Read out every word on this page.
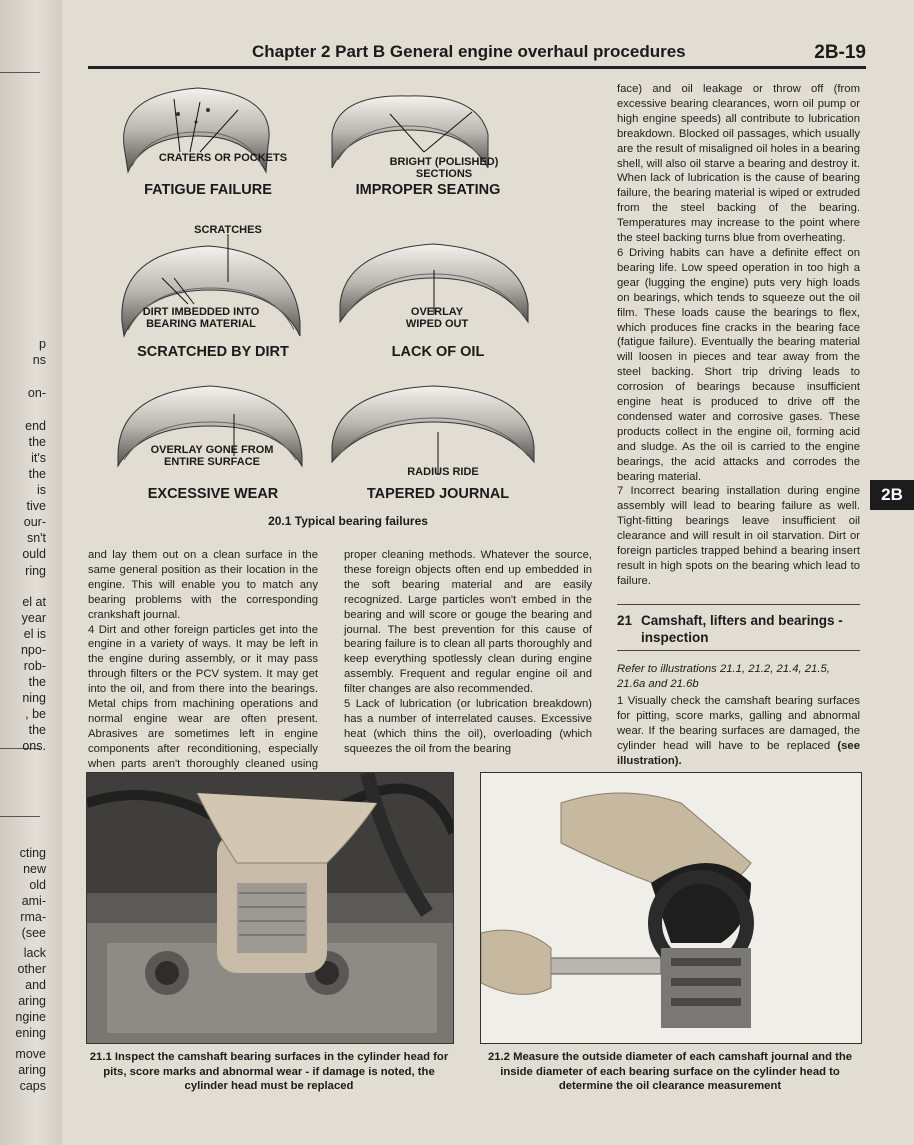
p
ns
on-
end
the
it's
the
is
tive
our-
sn't
ould
ring
el at
year
el is
npo-
rob-
the
ning
, be
the
ons.
cting
new
old
ami-
rma-
(see
lack
other
and
aring
ngine
ening
move
aring
caps
Chapter 2 Part B General engine overhaul procedures	2B-19
CRATERS OR POCKETS	BRIGHT (POLISHED) SECTIONS
FATIGUE FAILURE	IMPROPER SEATING
SCRATCHES
DIRT IMBEDDED INTO BEARING MATERIAL
OVERLAY WIPED OUT
SCRATCHED BY DIRT	LACK OF OIL
OVERLAY GONE FROM ENTIRE SURFACE
RADIUS RIDE
EXCESSIVE WEAR	TAPERED JOURNAL
20.1 Typical bearing failures

and lay them out on a clean surface in the same general position as their location in the engine. This will enable you to match any bearing problems with the corresponding crankshaft journal.

4 Dirt and other foreign particles get into the engine in a variety of ways. It may be left in the engine during assembly, or it may pass through filters or the PCV system. It may get into the oil, and from there into the bearings. Metal chips from machining operations and normal engine wear are often present. Abrasives are sometimes left in engine components after reconditioning, especially when parts aren't thoroughly cleaned using

proper cleaning methods. Whatever the source, these foreign objects often end up embedded in the soft bearing material and are easily recognized. Large particles won't embed in the bearing and will score or gouge the bearing and journal. The best prevention for this cause of bearing failure is to clean all parts thoroughly and keep everything spotlessly clean during engine assembly. Frequent and regular engine oil and filter changes are also recommended.

5 Lack of lubrication (or lubrication breakdown) has a number of interrelated causes. Excessive heat (which thins the oil), overloading (which squeezes the oil from the bearing

face) and oil leakage or throw off (from excessive bearing clearances, worn oil pump or high engine speeds) all contribute to lubrication breakdown. Blocked oil passages, which usually are the result of misaligned oil holes in a bearing shell, will also oil starve a bearing and destroy it. When lack of lubrication is the cause of bearing failure, the bearing material is wiped or extruded from the steel backing of the bearing. Temperatures may increase to the point where the steel backing turns blue from overheating.

6 Driving habits can have a definite effect on bearing life. Low speed operation in too high a gear (lugging the engine) puts very high loads on bearings, which tends to squeeze out the oil film. These loads cause the bearings to flex, which produces fine cracks in the bearing face (fatigue failure). Eventually the bearing material will loosen in pieces and tear away from the steel backing. Short trip driving leads to corrosion of bearings because insufficient engine heat is produced to drive off the condensed water and corrosive gases. These products collect in the engine oil, forming acid and sludge. As the oil is carried to the engine bearings, the acid attacks and corrodes the bearing material.

7 Incorrect bearing installation during engine assembly will lead to bearing failure as well. Tight-fitting bearings leave insufficient oil clearance and will result in oil starvation. Dirt or foreign particles trapped behind a bearing insert result in high spots on the bearing which lead to failure.

21 Camshaft, lifters and bearings - inspection
Refer to illustrations 21.1, 21.2, 21.4, 21.5, 21.6a and 21.6b

1 Visually check the camshaft bearing surfaces for pitting, score marks, galling and abnormal wear. If the bearing surfaces are damaged, the cylinder head will have to be replaced (see illustration).

2B
21.1 Inspect the camshaft bearing surfaces in the cylinder head for pits, score marks and abnormal wear - if damage is noted, the cylinder head must be replaced
21.2 Measure the outside diameter of each camshaft journal and the inside diameter of each bearing surface on the cylinder head to determine the oil clearance measurement
